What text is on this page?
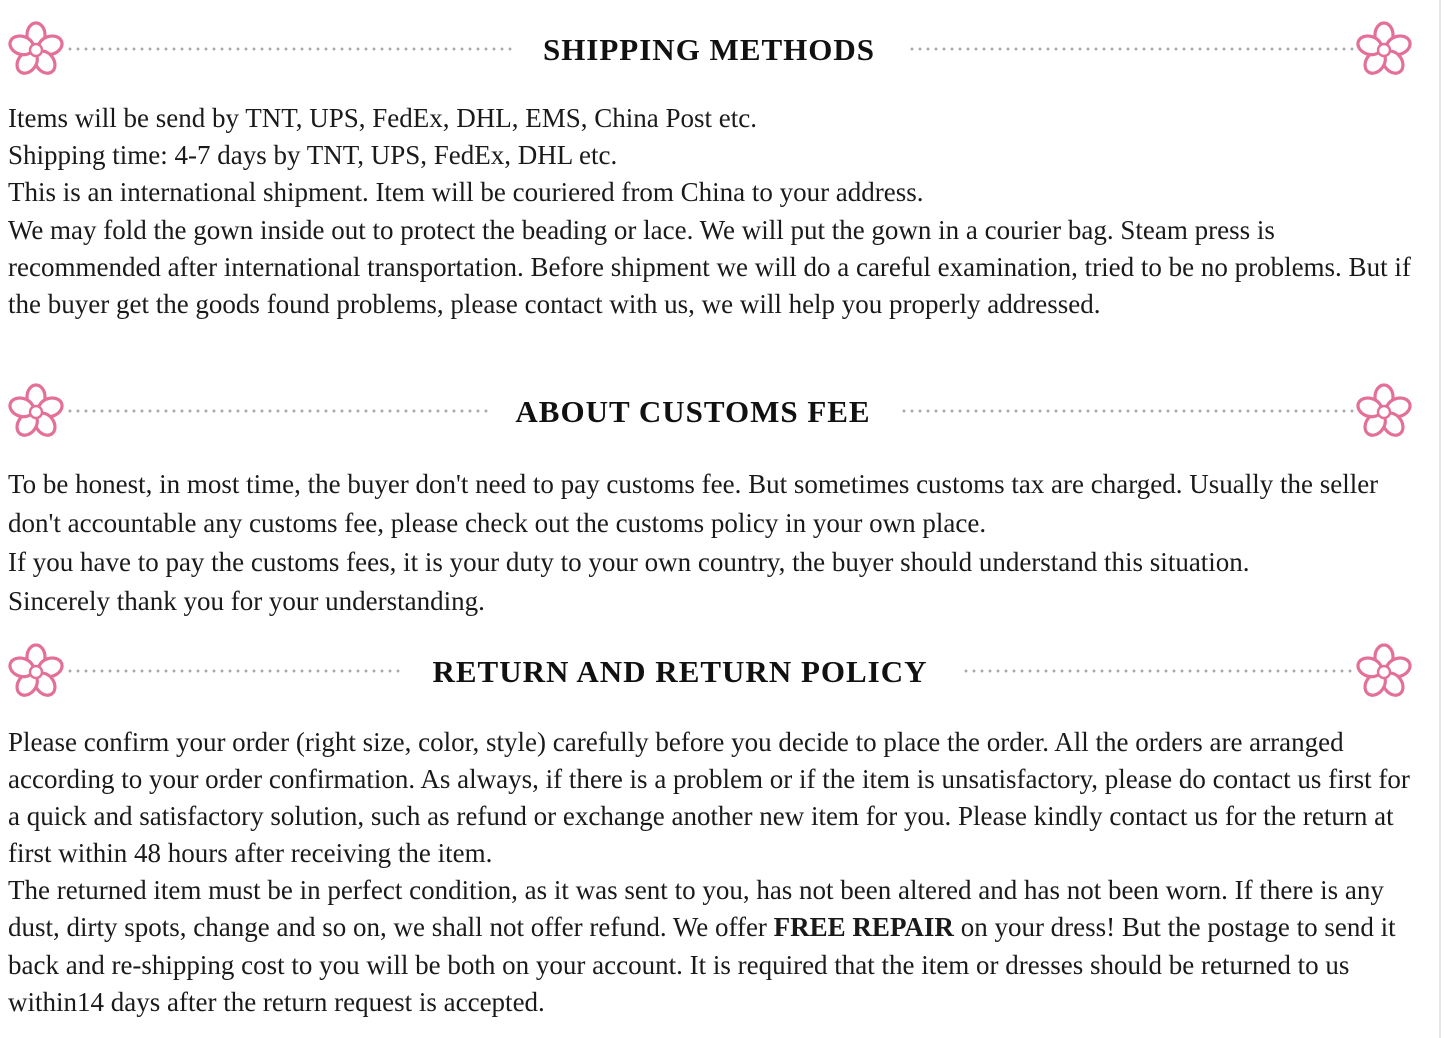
SHIPPING METHODS

Items will be send by TNT, UPS, FedEx, DHL, EMS, China Post etc.

Shipping time: 4-7 days by TNT, UPS, FedEx, DHL etc.

This is an international shipment. Item will be couriered from China to your address.

We may fold the gown inside out to protect the beading or lace. We will put the gown in a courier bag. Steam press is recommended after international transportation. Before shipment we will do a careful examination, tried to be no problems. But if the buyer get the goods found problems, please contact with us, we will help you properly addressed.

ABOUT CUSTOMS FEE

To be honest, in most time, the buyer don't need to pay customs fee. But sometimes customs tax are charged. Usually the seller don't accountable any customs fee, please check out the customs policy in your own place.

If you have to pay the customs fees, it is your duty to your own country, the buyer should understand this situation.

Sincerely thank you for your understanding.

RETURN AND RETURN POLICY

Please confirm your order (right size, color, style) carefully before you decide to place the order. All the orders are arranged according to your order confirmation. As always, if there is a problem or if the item is unsatisfactory, please do contact us first for a quick and satisfactory solution, such as refund or exchange another new item for you. Please kindly contact us for the return at first within 48 hours after receiving the item.

The returned item must be in perfect condition, as it was sent to you, has not been altered and has not been worn. If there is any dust, dirty spots, change and so on, we shall not offer refund. We offer FREE REPAIR on your dress! But the postage to send it back and re-shipping cost to you will be both on your account. It is required that the item or dresses should be returned to us within14 days after the return request is accepted.
